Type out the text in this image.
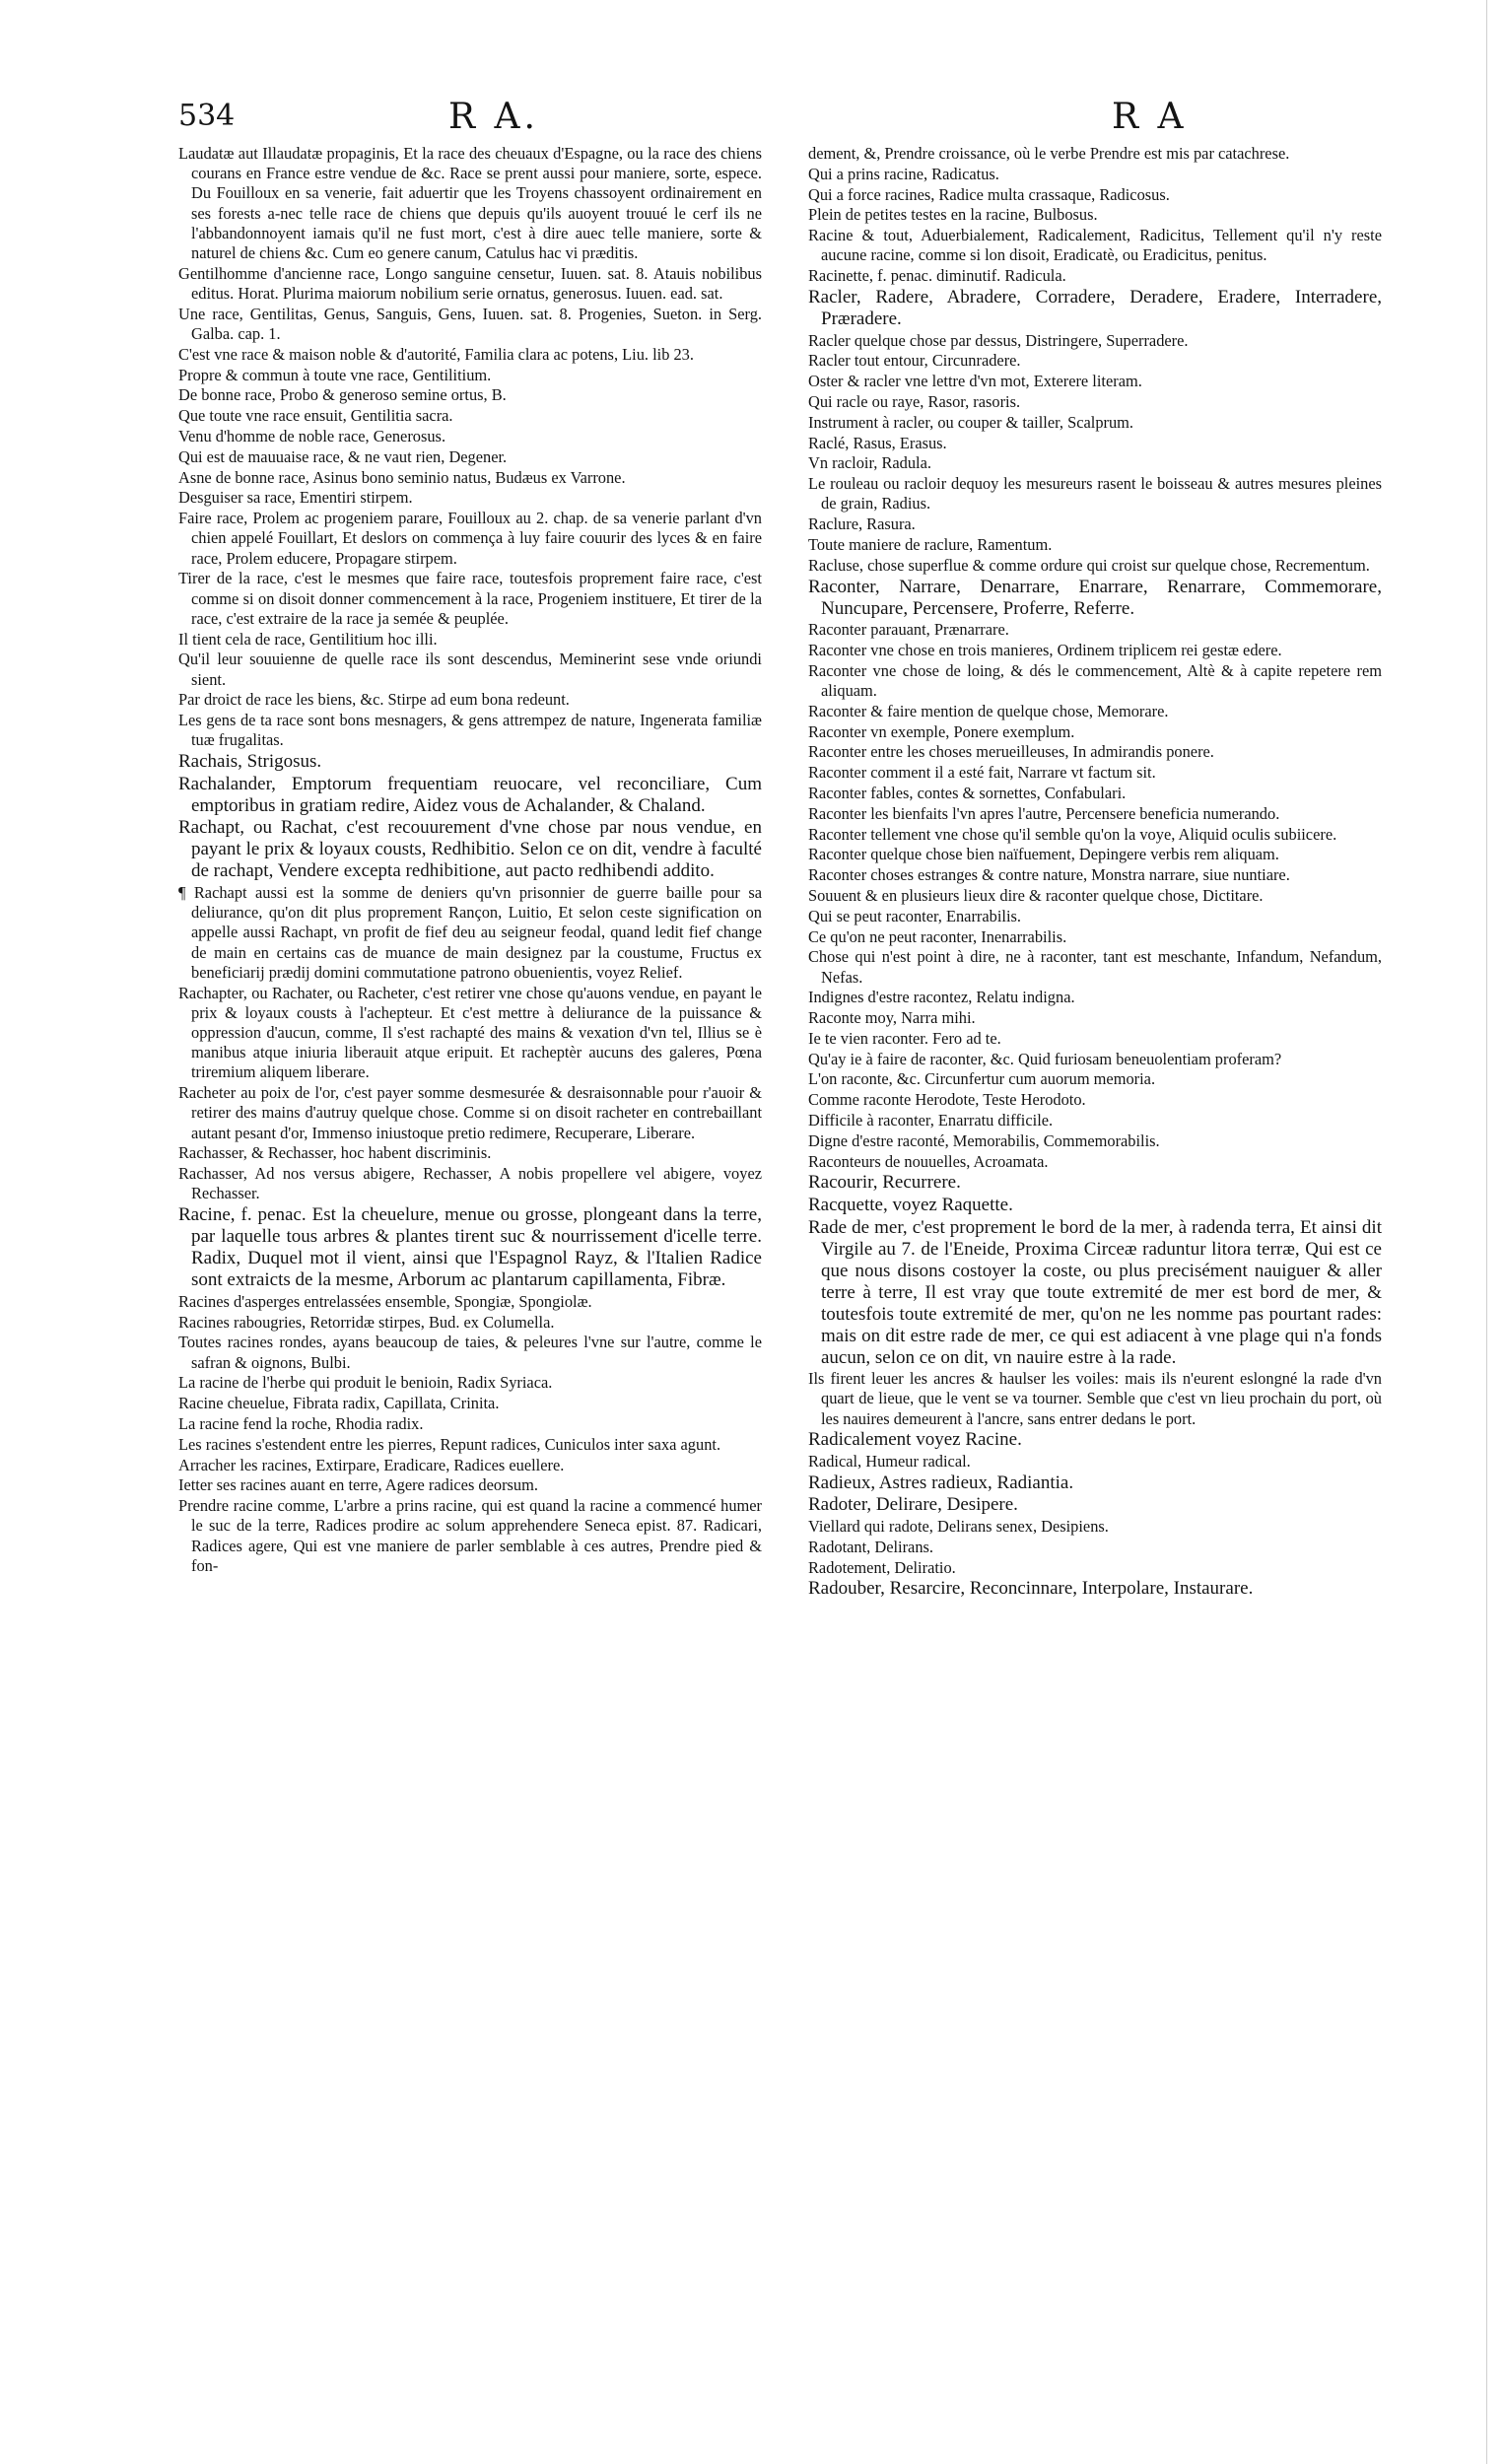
534	R A.	R A

Laudatæ aut Illaudatæ propaginis, Et la race des cheuaux d'Espagne, ou la race des chiens courans en France estre vendue de &c. Race se prent aussi pour maniere, sorte, espece. Du Fouilloux en sa venerie, fait aduertir que les Troyens chassoyent ordinairement en ses forests a-nec telle race de chiens que depuis qu'ils auoyent trouué le cerf ils ne l'abbandonnoyent iamais qu'il ne fust mort, c'est à dire auec telle maniere, sorte & naturel de chiens &c. Cum eo genere canum, Catulus hac vi præditis.

Gentilhomme d'ancienne race, Longo sanguine censetur, Iuuen. sat. 8. Atauis nobilibus editus. Horat. Plurima maiorum nobilium serie ornatus, generosus. Iuuen. ead. sat.

Une race, Gentilitas, Genus, Sanguis, Gens, Iuuen. sat. 8. Progenies, Sueton. in Serg. Galba. cap. 1.

C'est vne race & maison noble & d'autorité, Familia clara ac potens, Liu. lib 23.

Propre & commun à toute vne race, Gentilitium.

De bonne race, Probo & generoso semine ortus, B.

Que toute vne race ensuit, Gentilitia sacra.

Venu d'homme de noble race, Generosus.

Qui est de mauuaise race, & ne vaut rien, Degener.

Asne de bonne race, Asinus bono seminio natus, Budæus ex Varrone.

Desguiser sa race, Ementiri stirpem.

Faire race, Prolem ac progeniem parare, Fouilloux au 2. chap. de sa venerie parlant d'vn chien appelé Fouillart, Et deslors on commença à luy faire couurir des lyces & en faire race, Prolem educere, Propagare stirpem.

Tirer de la race, c'est le mesmes que faire race, toutesfois proprement faire race, c'est comme si on disoit donner commencement à la race, Progeniem instituere, Et tirer de la race, c'est extraire de la race ja semée & peuplée.

Il tient cela de race, Gentilitium hoc illi.

Qu'il leur souuienne de quelle race ils sont descendus, Meminerint sese vnde oriundi sient.

Par droict de race les biens, &c. Stirpe ad eum bona redeunt.

Les gens de ta race sont bons mesnagers, & gens attrempez de nature, Ingenerata familiæ tuæ frugalitas.

Rachais, Strigosus.

Rachalander, Emptorum frequentiam reuocare, vel reconciliare, Cum emptoribus in gratiam redire, Aidez vous de Achalander, & Chaland.

Rachapt, ou Rachat, c'est recouurement d'vne chose par nous vendue, en payant le prix & loyaux cousts, Redhibitio. Selon ce on dit, vendre à faculté de rachapt, Vendere excepta redhibitione, aut pacto redhibendi addito.

¶ Rachapt aussi est la somme de deniers qu'vn prisonnier de guerre baille pour sa deliurance, qu'on dit plus proprement Rançon, Luitio, Et selon ceste signification on appelle aussi Rachapt, vn profit de fief deu au seigneur feodal, quand ledit fief change de main en certains cas de muance de main designez par la coustume, Fructus ex beneficiarij prædij domini commutatione patrono obuenientis, voyez Relief.

Rachapter, ou Rachater, ou Racheter, c'est retirer vne chose qu'auons vendue, en payant le prix & loyaux cousts à l'achepteur. Et c'est mettre à deliurance de la puissance & oppression d'aucun, comme, Il s'est rachapté des mains & vexation d'vn tel, Illius se è manibus atque iniuria liberauit atque eripuit. Et racheptèr aucuns des galeres, Pœna triremium aliquem liberare.

Racheter au poix de l'or, c'est payer somme desmesurée & desraisonnable pour r'auoir & retirer des mains d'autruy quelque chose. Comme si on disoit racheter en contrebaillant autant pesant d'or, Immenso iniustoque pretio redimere, Recuperare, Liberare.

Rachasser, & Rechasser, hoc habent discriminis.

Rachasser, Ad nos versus abigere, Rechasser, A nobis propellere vel abigere, voyez Rechasser.

Racine, f. penac. Est la cheuelure, menue ou grosse, plongeant dans la terre, par laquelle tous arbres & plantes tirent suc & nourrissement d'icelle terre. Radix, Duquel mot il vient, ainsi que l'Espagnol Rayz, & l'Italien Radice sont extraicts de la mesme, Arborum ac plantarum capillamenta, Fibræ.

Racines d'asperges entrelassées ensemble, Spongiæ, Spongiolæ.

Racines rabougries, Retorridæ stirpes, Bud. ex Columella.

Toutes racines rondes, ayans beaucoup de taies, & peleures l'vne sur l'autre, comme le safran & oignons, Bulbi.

La racine de l'herbe qui produit le benioin, Radix Syriaca.

Racine cheuelue, Fibrata radix, Capillata, Crinita.

La racine fend la roche, Rhodia radix.

Les racines s'estendent entre les pierres, Repunt radices, Cuniculos inter saxa agunt.

Arracher les racines, Extirpare, Eradicare, Radices euellere.

Ietter ses racines auant en terre, Agere radices deorsum.

Prendre racine comme, L'arbre a prins racine, qui est quand la racine a commencé humer le suc de la terre, Radices prodire ac solum apprehendere Seneca epist. 87. Radicari, Radices agere, Qui est vne maniere de parler semblable à ces autres, Prendre pied & fon-

dement, &, Prendre croissance, où le verbe Prendre est mis par catachrese.

Qui a prins racine, Radicatus.

Qui a force racines, Radice multa crassaque, Radicosus.

Plein de petites testes en la racine, Bulbosus.

Racine & tout, Aduerbialement, Radicalement, Radicitus, Tellement qu'il n'y reste aucune racine, comme si lon disoit, Eradicatè, ou Eradicitus, penitus.

Racinette, f. penac. diminutif. Radicula.

Racler, Radere, Abradere, Corradere, Deradere, Eradere, Interradere, Præradere.

Racler quelque chose par dessus, Distringere, Superradere.

Racler tout entour, Circunradere.

Oster & racler vne lettre d'vn mot, Exterere literam.

Qui racle ou raye, Rasor, rasoris.

Instrument à racler, ou couper & tailler, Scalprum.

Raclé, Rasus, Erasus.

Vn racloir, Radula.

Le rouleau ou racloir dequoy les mesureurs rasent le boisseau & autres mesures pleines de grain, Radius.

Raclure, Rasura.

Toute maniere de raclure, Ramentum.

Racluse, chose superflue & comme ordure qui croist sur quelque chose, Recrementum.

Raconter, Narrare, Denarrare, Enarrare, Renarrare, Commemorare, Nuncupare, Percensere, Proferre, Referre.

Raconter parauant, Prænarrare.

Raconter vne chose en trois manieres, Ordinem triplicem rei gestæ edere.

Raconter vne chose de loing, & dés le commencement, Altè & à capite repetere rem aliquam.

Raconter & faire mention de quelque chose, Memorare.

Raconter vn exemple, Ponere exemplum.

Raconter entre les choses merueilleuses, In admirandis ponere.

Raconter comment il a esté fait, Narrare vt factum sit.

Raconter fables, contes & sornettes, Confabulari.

Raconter les bienfaits l'vn apres l'autre, Percensere beneficia numerando.

Raconter tellement vne chose qu'il semble qu'on la voye, Aliquid oculis subiicere.

Raconter quelque chose bien naïfuement, Depingere verbis rem aliquam.

Raconter choses estranges & contre nature, Monstra narrare, siue nuntiare.

Souuent & en plusieurs lieux dire & raconter quelque chose, Dictitare.

Qui se peut raconter, Enarrabilis.

Ce qu'on ne peut raconter, Inenarrabilis.

Chose qui n'est point à dire, ne à raconter, tant est meschante, Infandum, Nefandum, Nefas.

Indignes d'estre racontez, Relatu indigna.

Raconte moy, Narra mihi.

Ie te vien raconter. Fero ad te.

Qu'ay ie à faire de raconter, &c. Quid furiosam beneuolentiam proferam?

L'on raconte, &c. Circunfertur cum auorum memoria.

Comme raconte Herodote, Teste Herodoto.

Difficile à raconter, Enarratu difficile.

Digne d'estre raconté, Memorabilis, Commemorabilis.

Raconteurs de nouuelles, Acroamata.

Racourir, Recurrere.

Racquette, voyez Raquette.

Rade de mer, c'est proprement le bord de la mer, à radenda terra, Et ainsi dit Virgile au 7. de l'Eneide, Proxima Circeæ raduntur litora terræ, Qui est ce que nous disons costoyer la coste, ou plus precisément nauiguer & aller terre à terre, Il est vray que toute extremité de mer est bord de mer, & toutesfois toute extremité de mer, qu'on ne les nomme pas pourtant rades: mais on dit estre rade de mer, ce qui est adiacent à vne plage qui n'a fonds aucun, selon ce on dit, vn nauire estre à la rade.

Ils firent leuer les ancres & haulser les voiles: mais ils n'eurent eslongné la rade d'vn quart de lieue, que le vent se va tourner. Semble que c'est vn lieu prochain du port, où les nauires demeurent à l'ancre, sans entrer dedans le port.

Radicalement voyez Racine.

Radical, Humeur radical.

Radieux, Astres radieux, Radiantia.

Radoter, Delirare, Desipere.

Viellard qui radote, Delirans senex, Desipiens.

Radotant, Delirans.

Radotement, Deliratio.

Radouber, Resarcire, Reconcinnare, Interpolare, Instaurare.
